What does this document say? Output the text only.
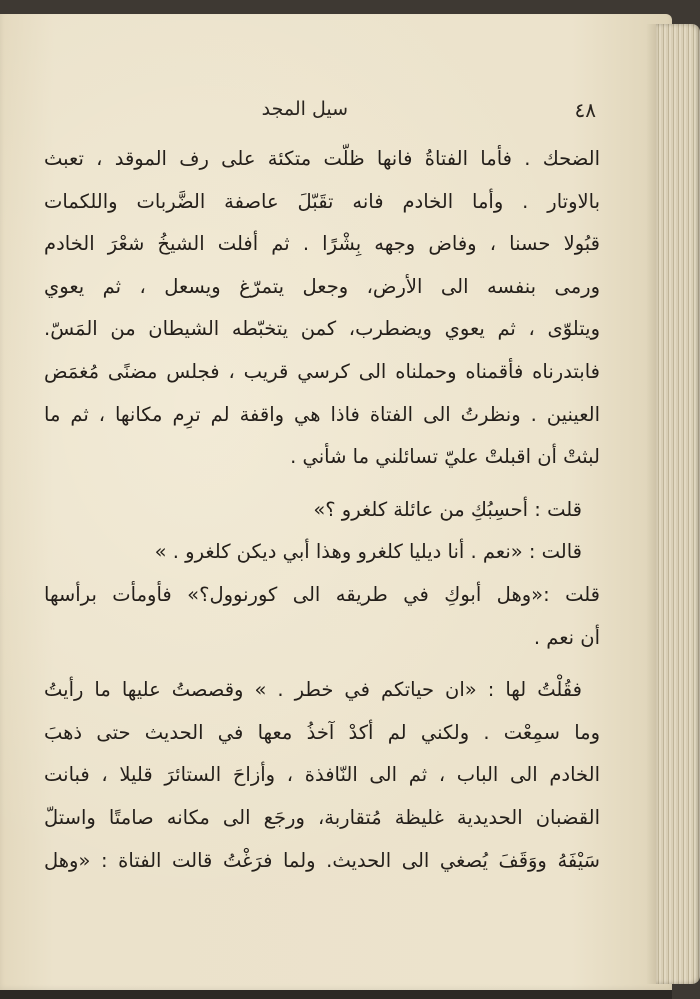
٤٨
سيل المجد
الضحك . فأما الفتاةُ فانها ظلّت متكئة على رف الموقد ، تعبث
بالاوتار . وأما الخادم فانه تقَبّلَ عاصفة الضَّربات واللكمات
قبُولا حسنا ، وفاض وجهه بِشْرًا . ثم أفلت الشيخُ شعْرَ الخادم
ورمى بنفسه الى الأرض، وجعل يتمرّغ ويسعل ، ثم يعوي
ويتلوّى ، ثم يعوي ويضطرب، كمن يتخبّطه الشيطان من المَسّ.
فابتدرناه فأقمناه وحملناه الى كرسي قريب ، فجلس مضنًى مُغمَض
العينين . ونظرتُ الى الفتاة فاذا هي واقفة لم ترِم مكانها ، ثم ما
لبثتْ أن اقبلتْ عليّ تسائلني ما شأني .
قلت : أحسِبُكِ من عائلة كلغرو ؟»
قالت : «نعم . أنا ديليا كلغرو وهذا أبي ديكن كلغرو . »
قلت :«وهل أبوكِ في طريقه الى كورنوول؟» فأومأت برأسها
أن نعم .
فقُلْتُ لها : «ان حياتكم في خطر . » وقصصتُ عليها ما رأيتُ
وما سمِعْت . ولكني لم أكدْ آخذُ معها في الحديث حتى ذهبَ
الخادم الى الباب ، ثم الى النّافذة ، وأزاحَ الستائرَ قليلا ، فبانت
القضبان الحديدية غليظة مُتقاربة، ورجَع الى مكانه صامتًا واستلّ
سَيْفَهُ ووَقَفَ يُصغي الى الحديث. ولما فرَغْتُ قالت الفتاة : «وهل
